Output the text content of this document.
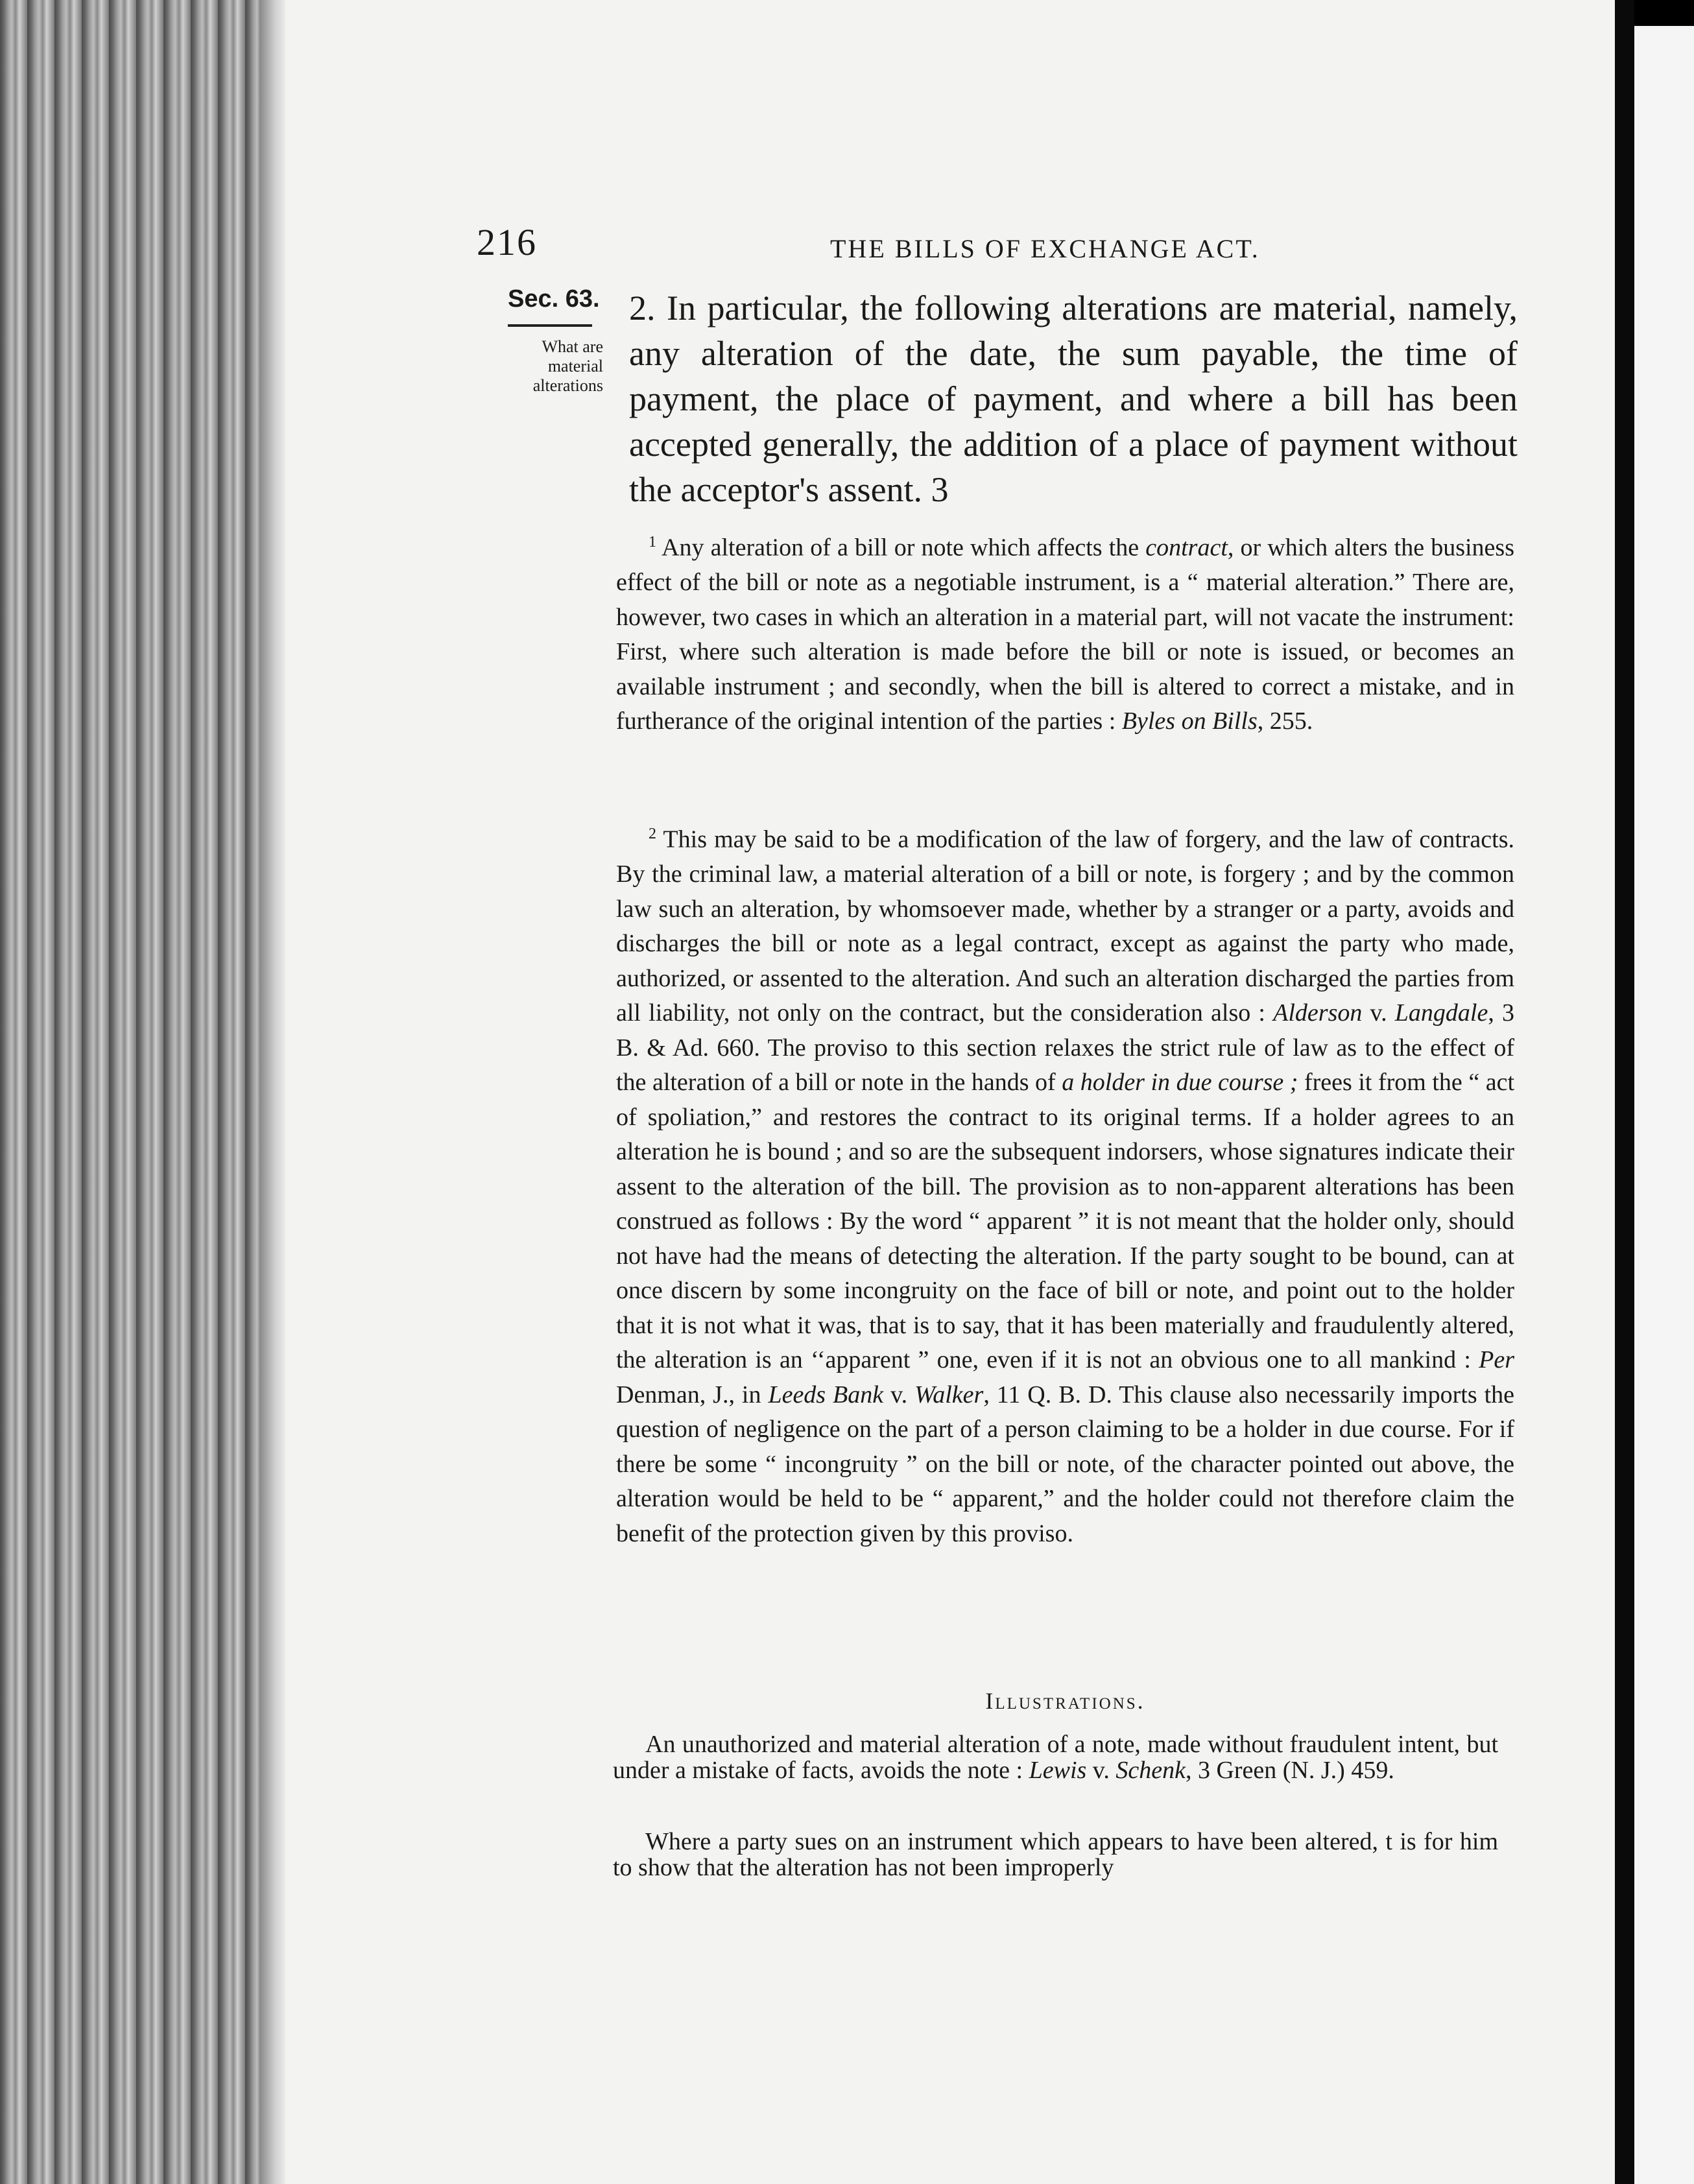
216	THE BILLS OF EXCHANGE ACT.
Sec. 63.
What are material alterations
2. In particular, the following alterations are material, namely, any alteration of the date, the sum payable, the time of payment, the place of payment, and where a bill has been accepted generally, the addition of a place of payment without the acceptor's assent. 3
$^1$ Any alteration of a bill or note which affects the contract, or which alters the business effect of the bill or note as a negotiable instrument, is a “ material alteration.” There are, however, two cases in which an alteration in a material part, will not vacate the instrument: First, where such alteration is made before the bill or note is issued, or becomes an available instrument ; and secondly, when the bill is altered to correct a mistake, and in furtherance of the original intention of the parties : Byles on Bills, 255.
$^2$ This may be said to be a modification of the law of forgery, and the law of contracts. By the criminal law, a material alteration of a bill or note, is forgery ; and by the common law such an alteration, by whomsoever made, whether by a stranger or a party, avoids and discharges the bill or note as a legal contract, except as against the party who made, authorized, or assented to the alteration. And such an alteration discharged the parties from all liability, not only on the contract, but the consideration also : Alderson v. Langdale, 3 B. & Ad. 660. The proviso to this section relaxes the strict rule of law as to the effect of the alteration of a bill or note in the hands of a holder in due course ; frees it from the “ act of spoliation,” and restores the contract to its original terms. If a holder agrees to an alteration he is bound ; and so are the subsequent indorsers, whose signatures indicate their assent to the alteration of the bill. The provision as to non-apparent alterations has been construed as follows : By the word “ apparent ” it is not meant that the holder only, should not have had the means of detecting the alteration. If the party sought to be bound, can at once discern by some incongruity on the face of bill or note, and point out to the holder that it is not what it was, that is to say, that it has been materially and fraudulently altered, the alteration is an ‘‘apparent ” one, even if it is not an obvious one to all mankind : Per Denman, J., in Leeds Bank v. Walker, 11 Q. B. D. This clause also necessarily imports the question of negligence on the part of a person claiming to be a holder in due course. For if there be some “ incongruity ” on the bill or note, of the character pointed out above, the alteration would be held to be “ apparent,” and the holder could not therefore claim the benefit of the protection given by this proviso.
Illustrations.
An unauthorized and material alteration of a note, made without fraudulent intent, but under a mistake of facts, avoids the note : Lewis v. Schenk, 3 Green (N. J.) 459.
Where a party sues on an instrument which appears to have been altered, t is for him to show that the alteration has not been improperly
